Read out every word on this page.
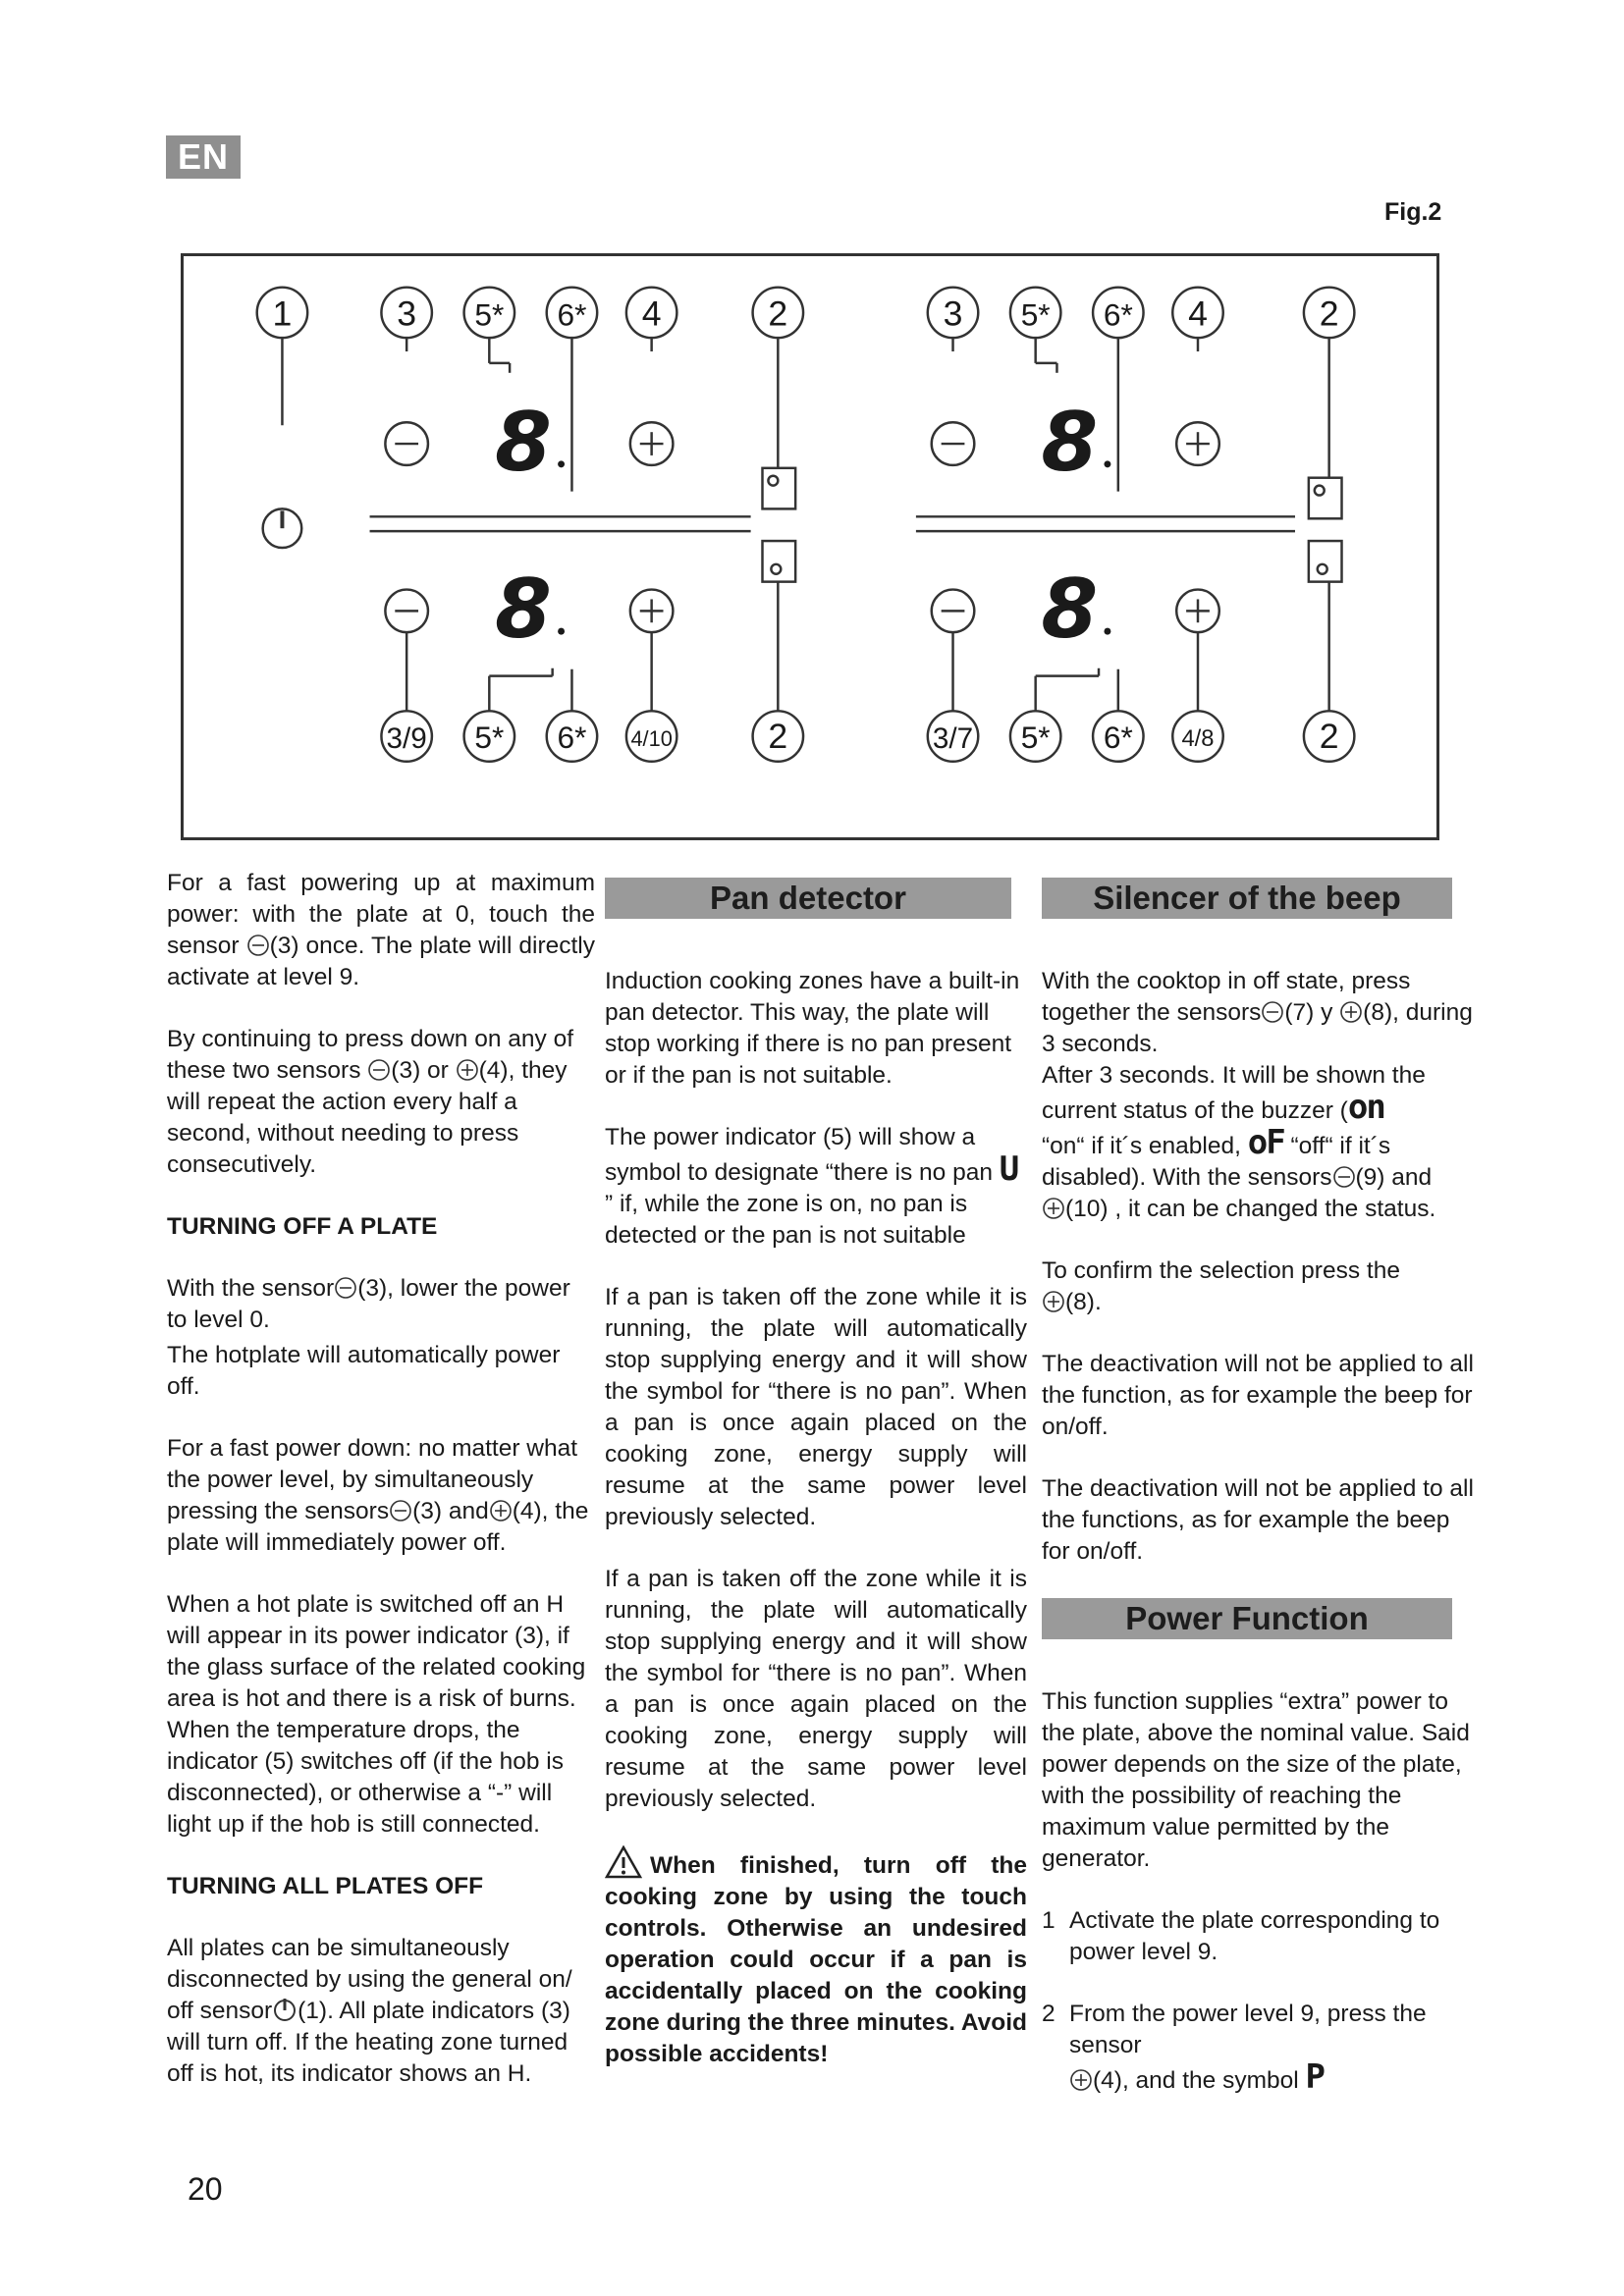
EN
Fig.2
8
8
8
8
1	3 5* 6* 4	2
3/9 5* 6* 4/10	2
3 5* 6* 4	2
3/7 5* 6* 4/8	2

For a fast powering up at maximum power: with the plate at 0, touch the sensor (3) once. The plate will directly activate at level 9.

By continuing to press down on any of these two sensors (3) or (4), they will repeat the action every half a second, without needing to press consecutively.

TURNING OFF A PLATE

With the sensor (3), lower the power to level 0.

The hotplate will automatically power off.

For a fast power down: no matter what the power level, by simultaneously pressing the sensors (3) and (4), the plate will immediately power off.

When a hot plate is switched off an H will appear in its power indicator (3), if the glass surface of the related cooking area is hot and there is a risk of burns. When the temperature drops, the indicator (5) switches off (if the hob is disconnected), or otherwise a “-” will light up if the hob is still connected.

TURNING ALL PLATES OFF

All plates can be simultaneously disconnected by using the general on/ off sensor (1). All plate indicators (3) will turn off. If the heating zone turned off is hot, its indicator shows an H.

Pan detector

Induction cooking zones have a built-in pan detector. This way, the plate will stop working if there is no pan present or if the pan is not suitable.

The power indicator (5) will show a symbol to designate “there is no pan U ” if, while the zone is on, no pan is detected or the pan is not suitable

If a pan is taken off the zone while it is running, the plate will automatically stop supplying energy and it will show the symbol for “there is no pan”. When a pan is once again placed on the cooking zone, energy supply will resume at the same power level previously selected.

If a pan is taken off the zone while it is running, the plate will automatically stop supplying energy and it will show the symbol for “there is no pan”. When a pan is once again placed on the cooking zone, energy supply will resume at the same power level previously selected.

When finished, turn off the cooking zone by using the touch controls. Otherwise an undesired operation could occur if a pan is accidentally placed on the cooking zone during the three minutes. Avoid possible accidents!

Silencer of the beep

With the cooktop in off state, press together the sensors (7) y (8), during 3 seconds.
After 3 seconds. It will be shown the current status of the buzzer (on
“on“ if it´s enabled, oF “off“ if it´s disabled). With the sensors (9) and
(10) , it can be changed the status.

To confirm the selection press the
(8).

The deactivation will not be applied to all the function, as for example the beep for on/off.

The deactivation will not be applied to all the functions, as for example the beep for on/off.

Power Function

This function supplies “extra” power to the plate, above the nominal value. Said power depends on the size of the plate, with the possibility of reaching the maximum value permitted by the generator.

1 Activate the plate corresponding to power level 9.

2 From the power level 9, press the sensor
(4), and the symbol P

20
